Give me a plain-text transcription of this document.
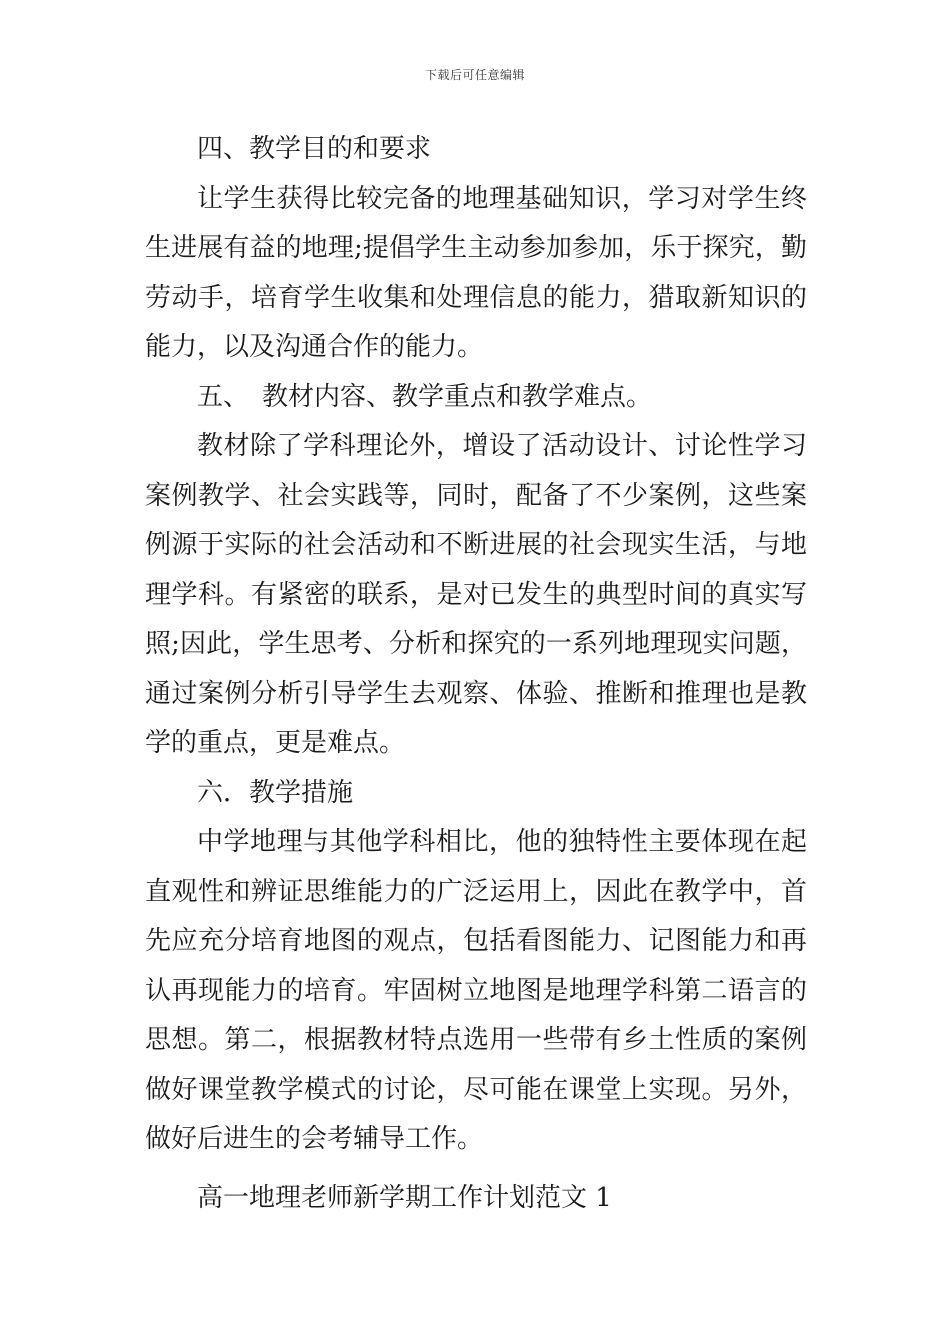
下载后可任意编辑

四、教学目的和要求

让学生获得比较完备的地理基础知识，学习对学生终生进展有益的地理;提倡学生主动参加参加，乐于探究，勤劳动手，培育学生收集和处理信息的能力，猎取新知识的能力，以及沟通合作的能力。

五、　教材内容、教学重点和教学难点。

教材除了学科理论外，增设了活动设计、讨论性学习案例教学、社会实践等，同时，配备了不少案例，这些案例源于实际的社会活动和不断进展的社会现实生活，与地理学科。有紧密的联系，是对已发生的典型时间的真实写照;因此，学生思考、分析和探究的一系列地理现实问题，通过案例分析引导学生去观察、体验、推断和推理也是教学的重点，更是难点。

六．教学措施

中学地理与其他学科相比，他的独特性主要体现在起直观性和辨证思维能力的广泛运用上，因此在教学中，首先应充分培育地图的观点，包括看图能力、记图能力和再认再现能力的培育。牢固树立地图是地理学科第二语言的思想。第二，根据教材特点选用一些带有乡土性质的案例做好课堂教学模式的讨论，尽可能在课堂上实现。另外，做好后进生的会考辅导工作。

高一地理老师新学期工作计划范文 1
